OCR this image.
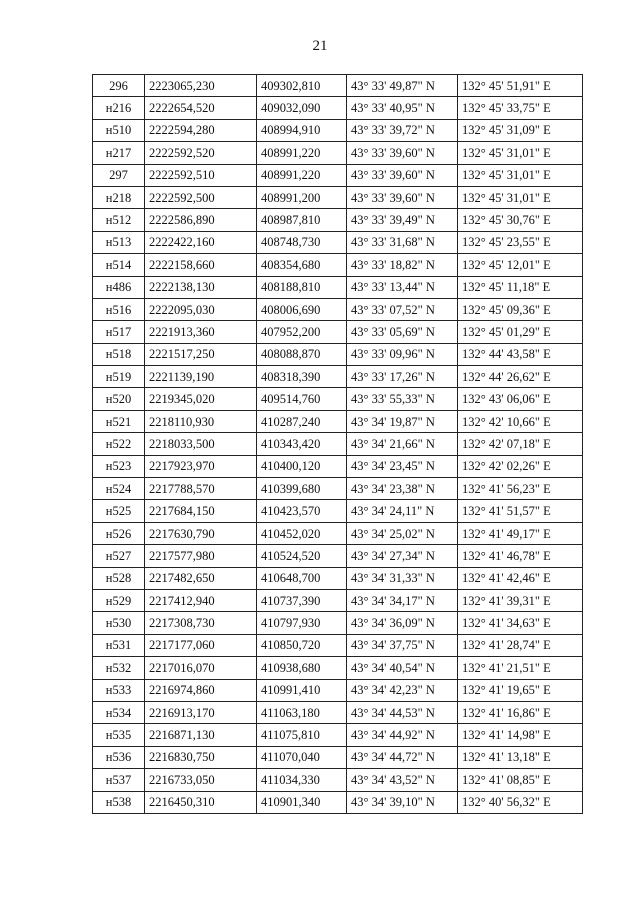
21
296	2223065,230	409302,810	43° 33' 49,87" N	132° 45' 51,91" E
н216	2222654,520	409032,090	43° 33' 40,95" N	132° 45' 33,75" E
н510	2222594,280	408994,910	43° 33' 39,72" N	132° 45' 31,09" E
н217	2222592,520	408991,220	43° 33' 39,60" N	132° 45' 31,01" E
297	2222592,510	408991,220	43° 33' 39,60" N	132° 45' 31,01" E
н218	2222592,500	408991,200	43° 33' 39,60" N	132° 45' 31,01" E
н512	2222586,890	408987,810	43° 33' 39,49" N	132° 45' 30,76" E
н513	2222422,160	408748,730	43° 33' 31,68" N	132° 45' 23,55" E
н514	2222158,660	408354,680	43° 33' 18,82" N	132° 45' 12,01" E
н486	2222138,130	408188,810	43° 33' 13,44" N	132° 45' 11,18" E
н516	2222095,030	408006,690	43° 33' 07,52" N	132° 45' 09,36" E
н517	2221913,360	407952,200	43° 33' 05,69" N	132° 45' 01,29" E
н518	2221517,250	408088,870	43° 33' 09,96" N	132° 44' 43,58" E
н519	2221139,190	408318,390	43° 33' 17,26" N	132° 44' 26,62" E
н520	2219345,020	409514,760	43° 33' 55,33" N	132° 43' 06,06" E
н521	2218110,930	410287,240	43° 34' 19,87" N	132° 42' 10,66" E
н522	2218033,500	410343,420	43° 34' 21,66" N	132° 42' 07,18" E
н523	2217923,970	410400,120	43° 34' 23,45" N	132° 42' 02,26" E
н524	2217788,570	410399,680	43° 34' 23,38" N	132° 41' 56,23" E
н525	2217684,150	410423,570	43° 34' 24,11" N	132° 41' 51,57" E
н526	2217630,790	410452,020	43° 34' 25,02" N	132° 41' 49,17" E
н527	2217577,980	410524,520	43° 34' 27,34" N	132° 41' 46,78" E
н528	2217482,650	410648,700	43° 34' 31,33" N	132° 41' 42,46" E
н529	2217412,940	410737,390	43° 34' 34,17" N	132° 41' 39,31" E
н530	2217308,730	410797,930	43° 34' 36,09" N	132° 41' 34,63" E
н531	2217177,060	410850,720	43° 34' 37,75" N	132° 41' 28,74" E
н532	2217016,070	410938,680	43° 34' 40,54" N	132° 41' 21,51" E
н533	2216974,860	410991,410	43° 34' 42,23" N	132° 41' 19,65" E
н534	2216913,170	411063,180	43° 34' 44,53" N	132° 41' 16,86" E
н535	2216871,130	411075,810	43° 34' 44,92" N	132° 41' 14,98" E
н536	2216830,750	411070,040	43° 34' 44,72" N	132° 41' 13,18" E
н537	2216733,050	411034,330	43° 34' 43,52" N	132° 41' 08,85" E
н538	2216450,310	410901,340	43° 34' 39,10" N	132° 40' 56,32" E
